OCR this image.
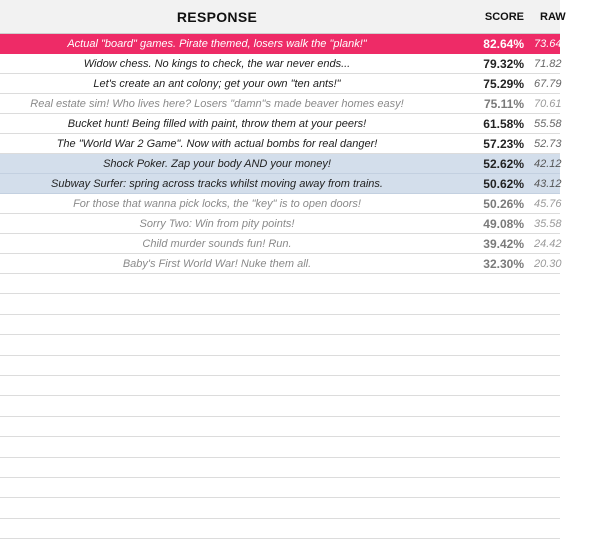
RESPONSE	SCORE RAW
Actual "board" games. Pirate themed, losers walk the "plank!"	82.64% 73.64
Widow chess. No kings to check, the war never ends...	79.32% 71.82
Let's create an ant colony; get your own "ten ants!"	75.29% 67.79
Real estate sim! Who lives here? Losers "damn"s made beaver homes easy!	75.11% 70.61
Bucket hunt! Being filled with paint, throw them at your peers!	61.58% 55.58
The "World War 2 Game". Now with actual bombs for real danger!	57.23% 52.73
Shock Poker. Zap your body AND your money!	52.62% 42.12
Subway Surfer: spring across tracks whilst moving away from trains.	50.62% 43.12
For those that wanna pick locks, the "key" is to open doors!	50.26% 45.76
Sorry Two: Win from pity points!	49.08% 35.58
Child murder sounds fun! Run.	39.42% 24.42
Baby's First World War! Nuke them all.	32.30% 20.30
